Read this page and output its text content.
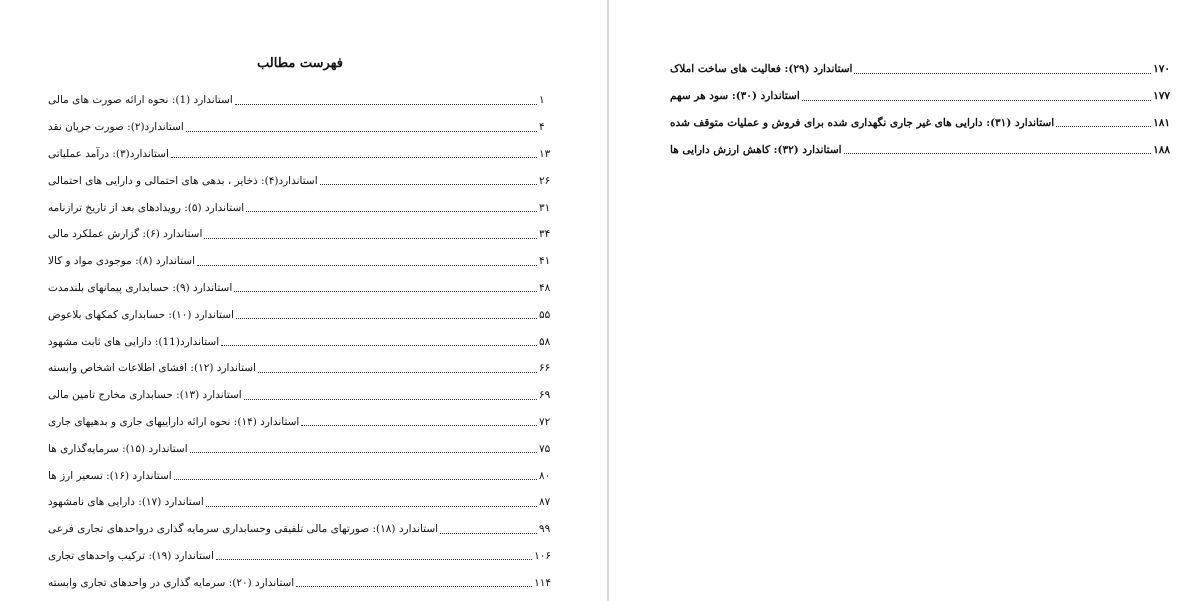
فهرست مطالب
استاندارد (1): نحوه ارائه صورت های مالی	۱
استاندارد(۲): صورت جریان نقد	۴
استاندارد(۳): درآمد عملیاتی	۱۳
استاندارد(۴): ذخایر ، بدهی های احتمالی و دارایی های احتمالی	۲۶
استاندارد (۵): رویدادهای بعد از تاریخ ترازنامه	۳۱
استاندارد (۶): گزارش عملکرد مالی	۳۴
استاندارد (۸): موجودی مواد و کالا	۴۱
استاندارد (۹): حسابداری پیمانهای بلندمدت	۴۸
استاندارد (۱۰): حسابداری کمکهای بلاعوض	۵۵
استاندارد(11): دارایی های ثابت مشهود	۵۸
استاندارد (۱۲): افشای اطلاعات اشخاص وابسته	۶۶
استاندارد (۱۳): حسابداری مخارج تامین مالی	۶۹
استاندارد (۱۴): نحوه ارائه داراییهای جاری و بدهیهای جاری	۷۲
استاندارد (۱۵): سرمایه‌گذاری ها	۷۵
استاندارد (۱۶): تسعیر ارز ها	۸۰
استاندارد (۱۷): دارایی های نامشهود	۸۷
استاندارد (۱۸): صورتهای مالی تلفیقی وحسابداری سرمایه گذاری درواحدهای تجاری فرعی	۹۹
استاندارد (۱۹): ترکیب واحدهای تجاری	۱۰۶
استاندارد (۲۰): سرمایه گذاری در واحدهای تجاری وابسته	۱۱۴
استاندارد (۲۹): فعالیت های ساخت املاک	۱۷۰
استاندارد (۳۰): سود هر سهم	۱۷۷
استاندارد (۳۱): دارایی های غیر جاری نگهداری شده برای فروش و عملیات متوقف شده	۱۸۱
استاندارد (۳۲): کاهش ارزش دارایی ها	۱۸۸
